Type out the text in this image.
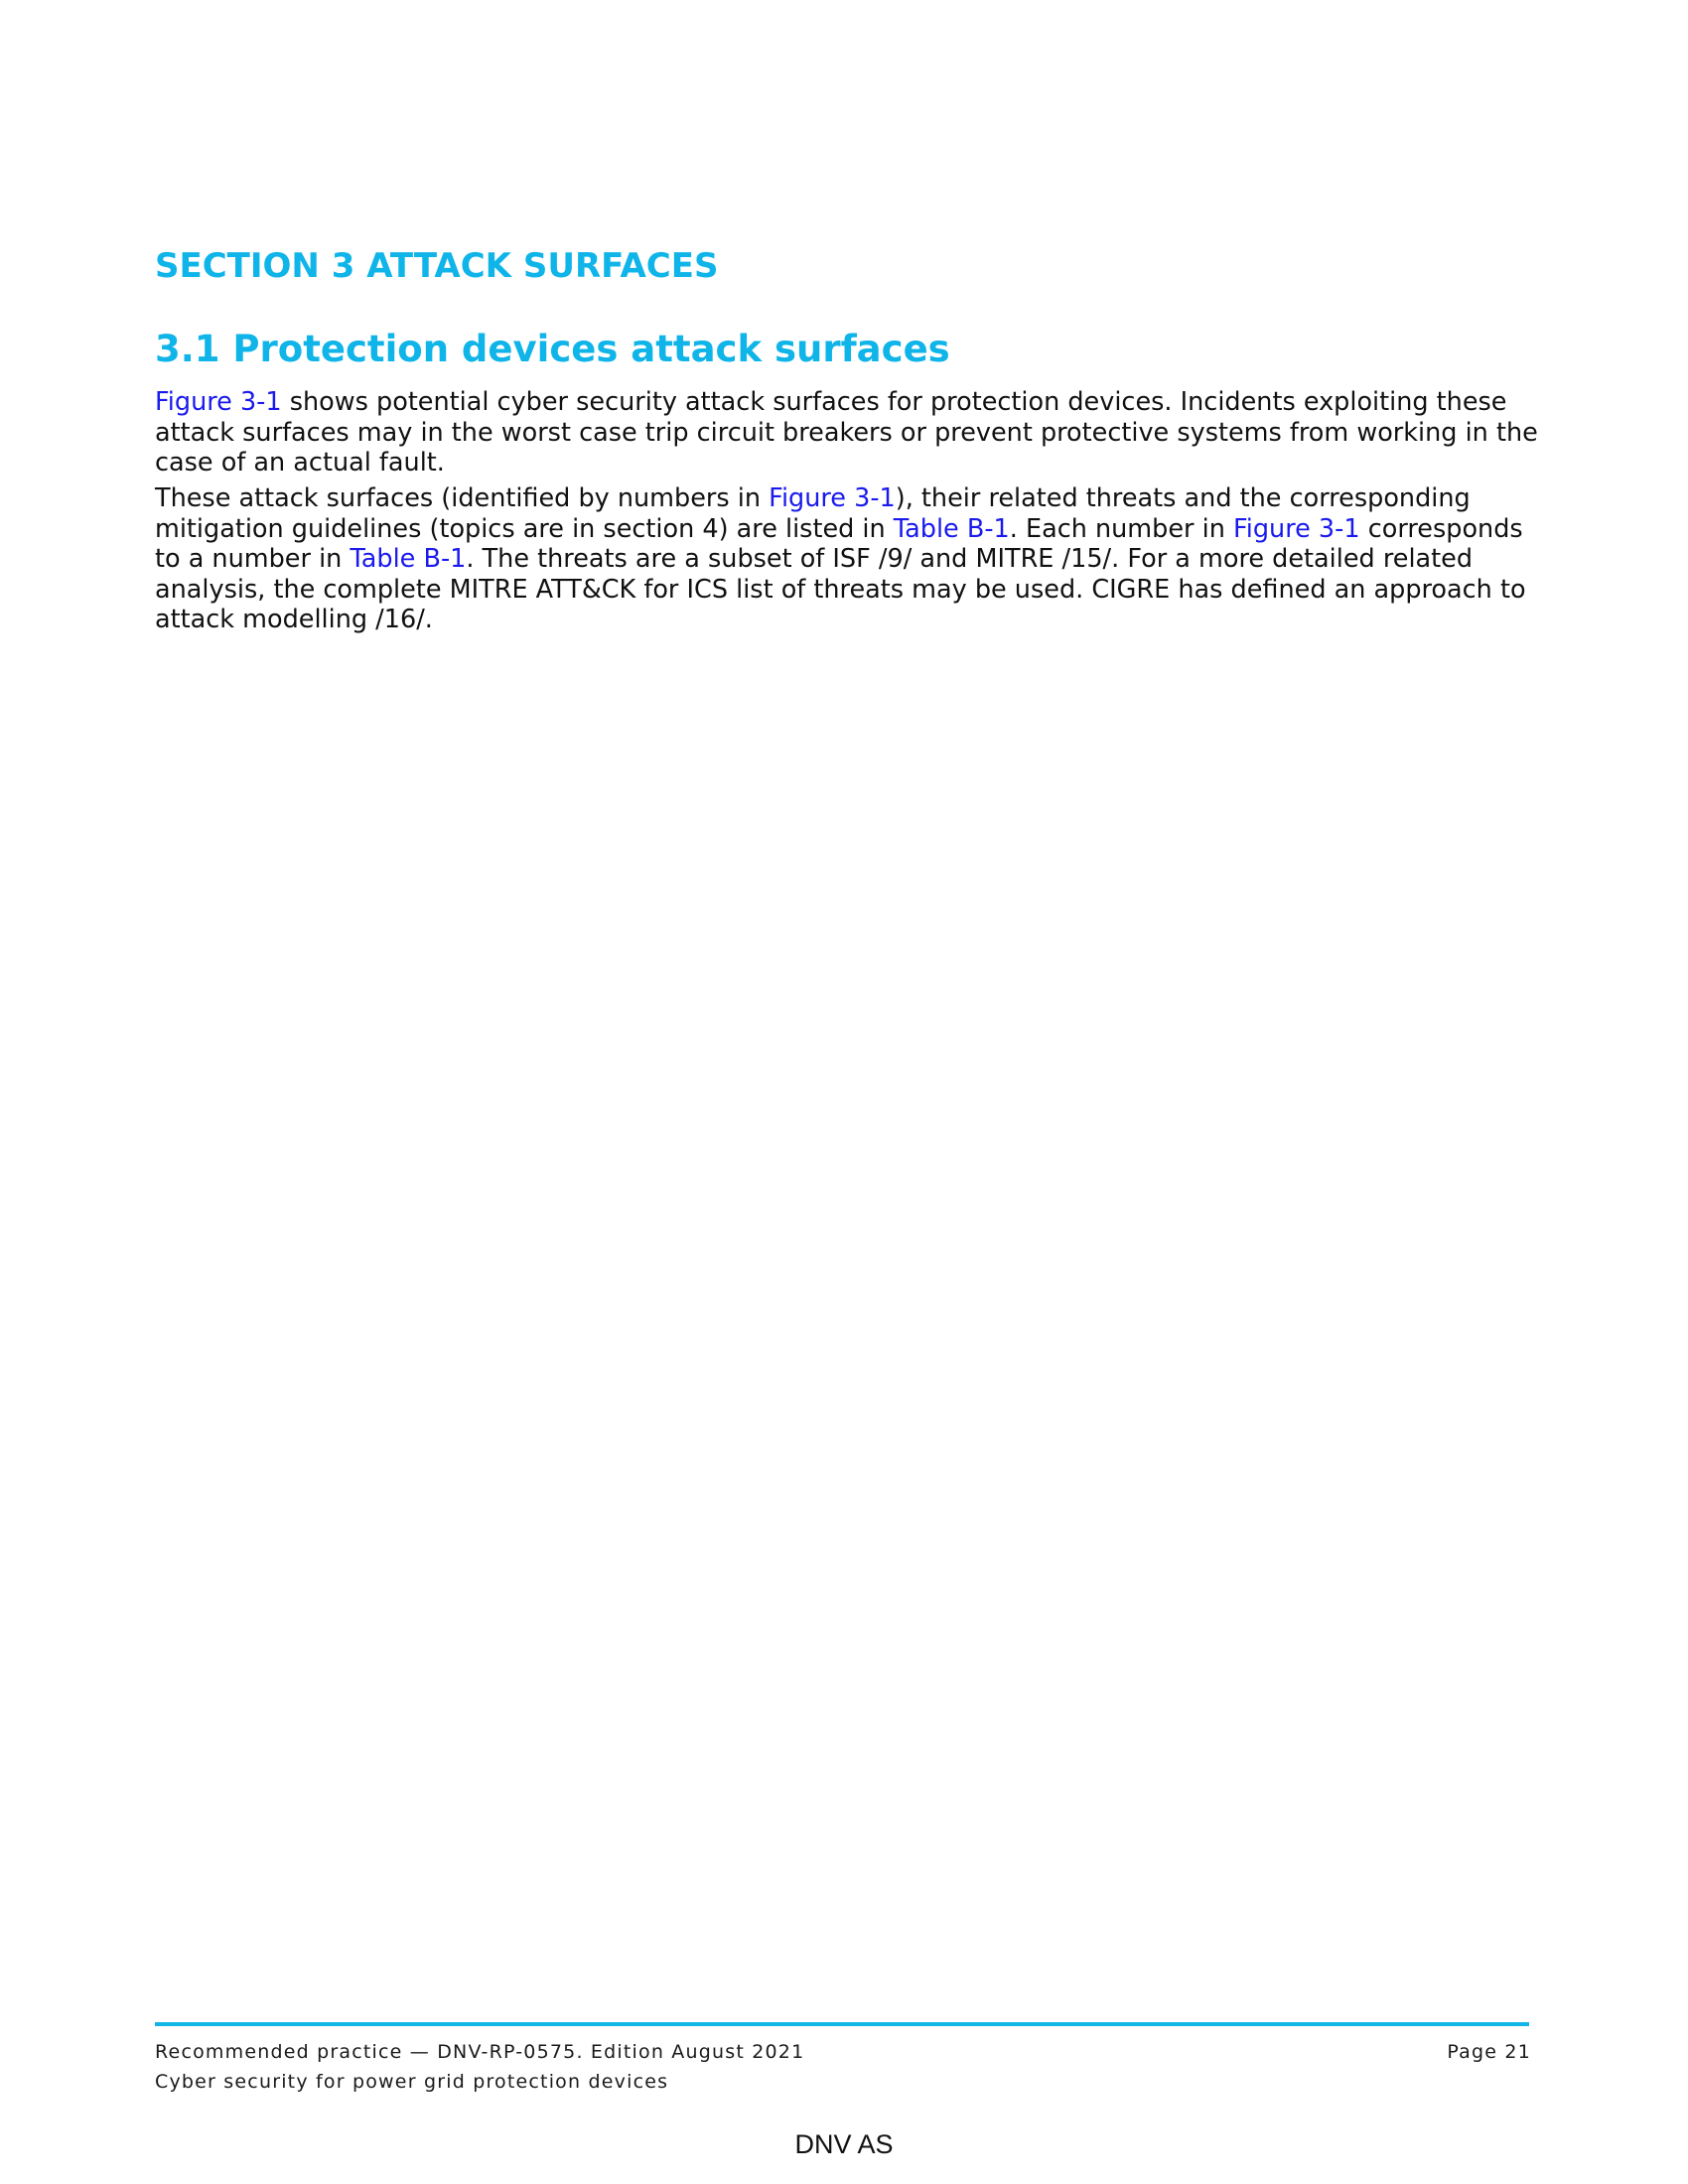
SECTION 3 ATTACK SURFACES
3.1 Protection devices attack surfaces

Figure 3-1 shows potential cyber security attack surfaces for protection devices. Incidents exploiting these attack surfaces may in the worst case trip circuit breakers or prevent protective systems from working in the case of an actual fault.

These attack surfaces (identified by numbers in Figure 3-1), their related threats and the corresponding mitigation guidelines (topics are in section 4) are listed in Table B-1. Each number in Figure 3-1 corresponds to a number in Table B-1. The threats are a subset of ISF /9/ and MITRE /15/. For a more detailed related analysis, the complete MITRE ATT&CK for ICS list of threats may be used. CIGRE has defined an approach to attack modelling /16/.

Recommended practice — DNV-RP-0575. Edition August 2021
Cyber security for power grid protection devices
Page 21
DNV AS
